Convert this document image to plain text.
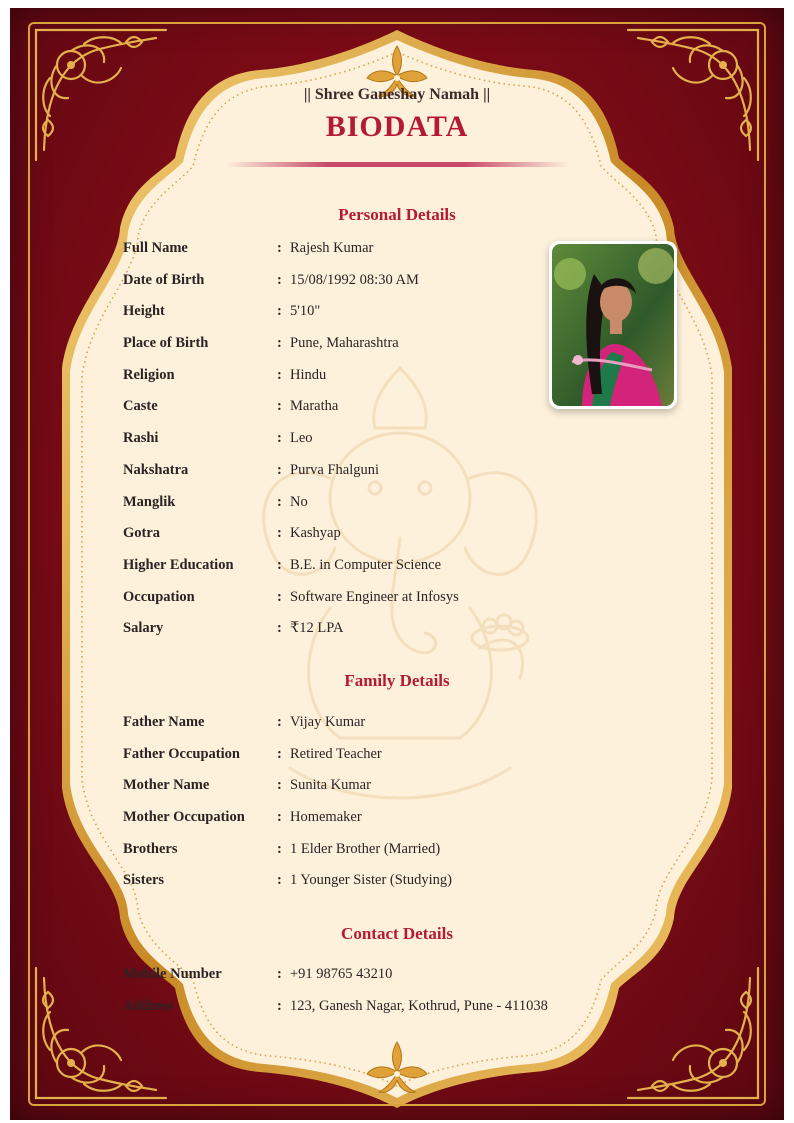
|| Shree Ganeshay Namah ||
BIODATA
Personal Details
Full Name	: Rajesh Kumar
Date of Birth	: 15/08/1992 08:30 AM
Height	: 5'10"
Place of Birth	: Pune, Maharashtra
Religion	: Hindu
Caste	: Maratha
Rashi	: Leo
Nakshatra	: Purva Fhalguni
Manglik	: No
Gotra	: Kashyap
Higher Education	: B.E. in Computer Science
Occupation	: Software Engineer at Infosys
Salary	: ₹12 LPA
Family Details
Father Name	: Vijay Kumar
Father Occupation	: Retired Teacher
Mother Name	: Sunita Kumar
Mother Occupation : Homemaker
Brothers	: 1 Elder Brother (Married)
Sisters	: 1 Younger Sister (Studying)
Contact Details
Mobile Number	: +91 98765 43210
Address	: 123, Ganesh Nagar, Kothrud, Pune - 411038
